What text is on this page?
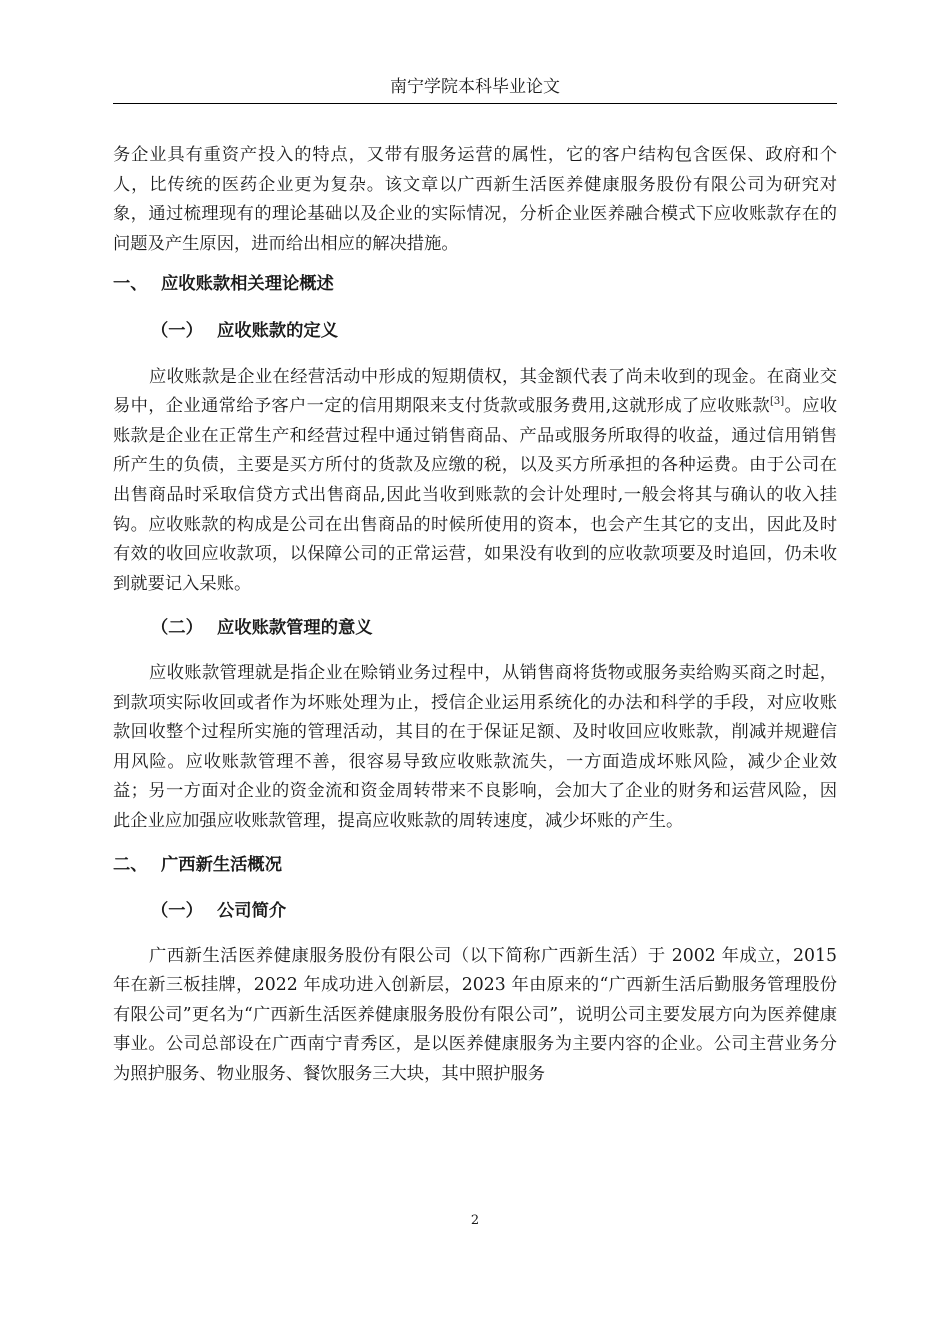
南宁学院本科毕业论文

务企业具有重资产投入的特点，又带有服务运营的属性，它的客户结构包含医保、政府和个人，比传统的医药企业更为复杂。该文章以广西新生活医养健康服务股份有限公司为研究对象，通过梳理现有的理论基础以及企业的实际情况，分析企业医养融合模式下应收账款存在的问题及产生原因，进而给出相应的解决措施。

一、 应收账款相关理论概述
（一） 应收账款的定义

应收账款是企业在经营活动中形成的短期债权，其金额代表了尚未收到的现金。在商业交易中，企业通常给予客户一定的信用期限来支付货款或服务费用,这就形成了应收账款[3]。应收账款是企业在正常生产和经营过程中通过销售商品、产品或服务所取得的收益，通过信用销售所产生的负债，主要是买方所付的货款及应缴的税，以及买方所承担的各种运费。由于公司在出售商品时采取信贷方式出售商品,因此当收到账款的会计处理时,一般会将其与确认的收入挂钩。应收账款的构成是公司在出售商品的时候所使用的资本，也会产生其它的支出，因此及时有效的收回应收款项，以保障公司的正常运营，如果没有收到的应收款项要及时追回，仍未收到就要记入呆账。

（二） 应收账款管理的意义

应收账款管理就是指企业在赊销业务过程中，从销售商将货物或服务卖给购买商之时起，到款项实际收回或者作为坏账处理为止，授信企业运用系统化的办法和科学的手段，对应收账款回收整个过程所实施的管理活动，其目的在于保证足额、及时收回应收账款，削减并规避信用风险。应收账款管理不善，很容易导致应收账款流失，一方面造成坏账风险，减少企业效益；另一方面对企业的资金流和资金周转带来不良影响，会加大了企业的财务和运营风险，因此企业应加强应收账款管理，提高应收账款的周转速度，减少坏账的产生。

二、 广西新生活概况
（一） 公司简介

广西新生活医养健康服务股份有限公司（以下简称广西新生活）于 2002 年成立，2015 年在新三板挂牌，2022 年成功进入创新层，2023 年由原来的“广西新生活后勤服务管理股份有限公司”更名为“广西新生活医养健康服务股份有限公司”，说明公司主要发展方向为医养健康事业。公司总部设在广西南宁青秀区，是以医养健康服务为主要内容的企业。公司主营业务分为照护服务、物业服务、餐饮服务三大块，其中照护服务

2
